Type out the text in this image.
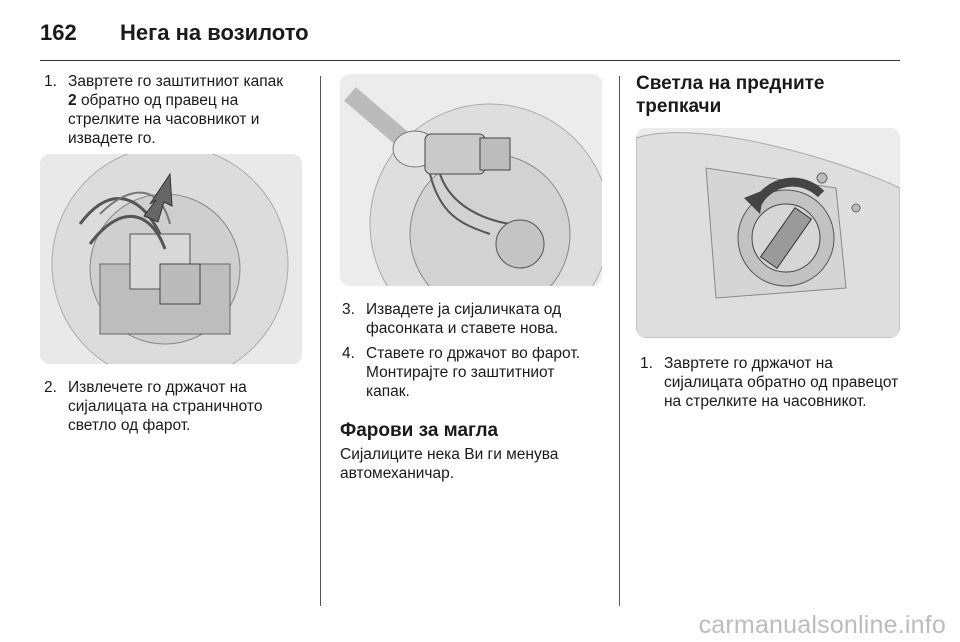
162 Нега на возилото
1. Завртете го заштитниот капак
2 обратно од правец на стрелките на часовникот и извадете го.
2. Извлечете го држачот на сијалицата на страничното светло од фарот.
3. Извадете ја сијаличката од фасонката и ставете нова.
4. Ставете го држачот во фарот. Монтирајте го заштитниот капак.

Фарови за магла

Сијалиците нека Ви ги менува автомеханичар.

Светла на предните трепкачи

1. Завртете го држачот на сијалицата обратно од правецот на стрелките на часовникот.
carmanualsonline.info
